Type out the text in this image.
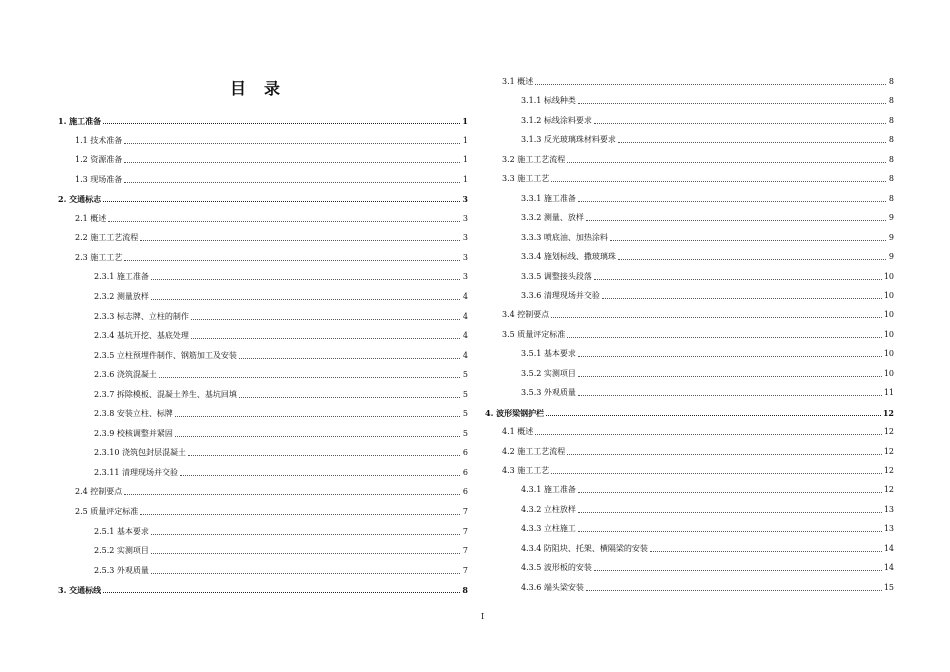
目 录
1. 施工准备	1
1.1 技术准备	1
1.2 资源准备	1
1.3 现场准备	1
2. 交通标志	3
2.1 概述	3
2.2 施工工艺流程	3
2.3 施工工艺	3
2.3.1 施工准备	3
2.3.2 测量放样	4
2.3.3 标志牌、立柱的制作	4
2.3.4 基坑开挖、基底处理	4
2.3.5 立柱预埋件制作、钢筋加工及安装	4
2.3.6 浇筑混凝土	5
2.3.7 拆除模板、混凝土养生、基坑回填	5
2.3.8 安装立柱、标牌	5
2.3.9 校核调整并紧固	5
2.3.10 浇筑包封层混凝土	6
2.3.11 清理现场并交验	6
2.4 控制要点	6
2.5 质量评定标准	7
2.5.1 基本要求	7
2.5.2 实测项目	7
2.5.3 外观质量	7
3. 交通标线	8
3.1 概述	8
3.1.1 标线种类	8
3.1.2 标线涂料要求	8
3.1.3 反光玻璃珠材料要求	8
3.2 施工工艺流程	8
3.3 施工工艺	8
3.3.1 施工准备	8
3.3.2 测量、放样	9
3.3.3 喷底油、加热涂料	9
3.3.4 施划标线、撒玻璃珠	9
3.3.5 调整接头段落	10
3.3.6 清理现场并交验	10
3.4 控制要点	10
3.5 质量评定标准	10
3.5.1 基本要求	10
3.5.2 实测项目	10
3.5.3 外观质量	11
4. 波形梁钢护栏	12
4.1 概述	12
4.2 施工工艺流程	12
4.3 施工工艺	12
4.3.1 施工准备	12
4.3.2 立柱放样	13
4.3.3 立柱施工	13
4.3.4 防阻块、托架、横隔梁的安装	14
4.3.5 波形板的安装	14
4.3.6 端头梁安装	15
I
